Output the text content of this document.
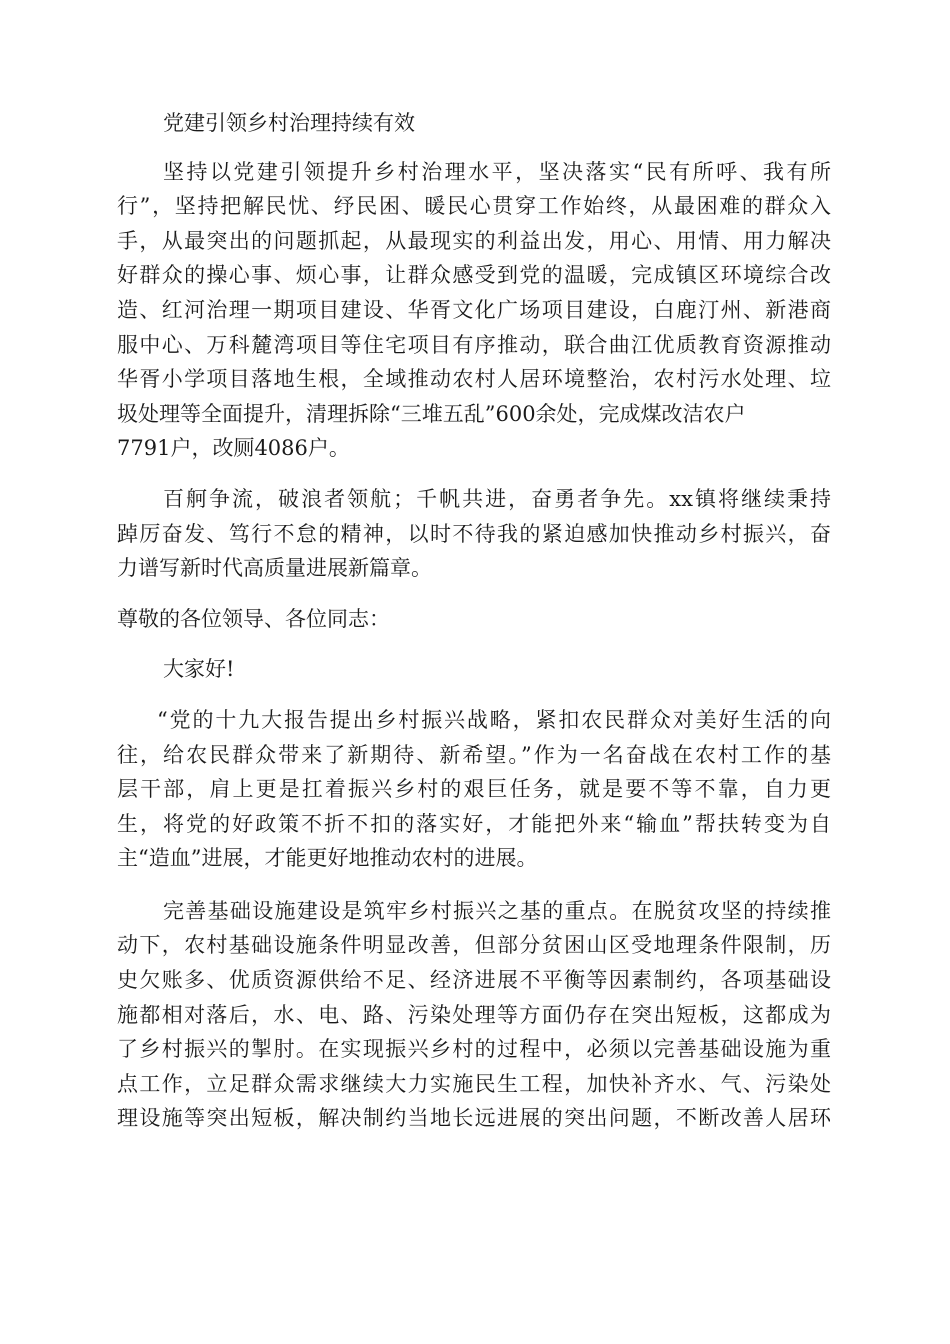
党建引领乡村治理持续有效

坚持以党建引领提升乡村治理水平，坚决落实“民有所呼、我有所
行”，坚持把解民忧、纾民困、暖民心贯穿工作始终，从最困难的群众入
手，从最突出的问题抓起，从最现实的利益出发，用心、用情、用力解决
好群众的操心事、烦心事，让群众感受到党的温暖，完成镇区环境综合改
造、红河治理一期项目建设、华胥文化广场项目建设，白鹿汀州、新港商
服中心、万科麓湾项目等住宅项目有序推动，联合曲江优质教育资源推动
华胥小学项目落地生根，全域推动农村人居环境整治，农村污水处理、垃
圾处理等全面提升，清理拆除“三堆五乱”600余处，完成煤改洁农户
7791户，改厕4086户。

百舸争流，破浪者领航；千帆共进，奋勇者争先。xx镇将继续秉持
踔厉奋发、笃行不怠的精神，以时不待我的紧迫感加快推动乡村振兴，奋
力谱写新时代高质量进展新篇章。

尊敬的各位领导、各位同志：

大家好!

“党的十九大报告提出乡村振兴战略，紧扣农民群众对美好生活的向
往，给农民群众带来了新期待、新希望。”作为一名奋战在农村工作的基
层干部，肩上更是扛着振兴乡村的艰巨任务，就是要不等不靠，自力更
生，将党的好政策不折不扣的落实好，才能把外来“输血”帮扶转变为自
主“造血”进展，才能更好地推动农村的进展。

完善基础设施建设是筑牢乡村振兴之基的重点。在脱贫攻坚的持续推
动下，农村基础设施条件明显改善，但部分贫困山区受地理条件限制，历
史欠账多、优质资源供给不足、经济进展不平衡等因素制约，各项基础设
施都相对落后，水、电、路、污染处理等方面仍存在突出短板，这都成为
了乡村振兴的掣肘。在实现振兴乡村的过程中，必须以完善基础设施为重
点工作，立足群众需求继续大力实施民生工程，加快补齐水、气、污染处
理设施等突出短板，解决制约当地长远进展的突出问题，不断改善人居环
